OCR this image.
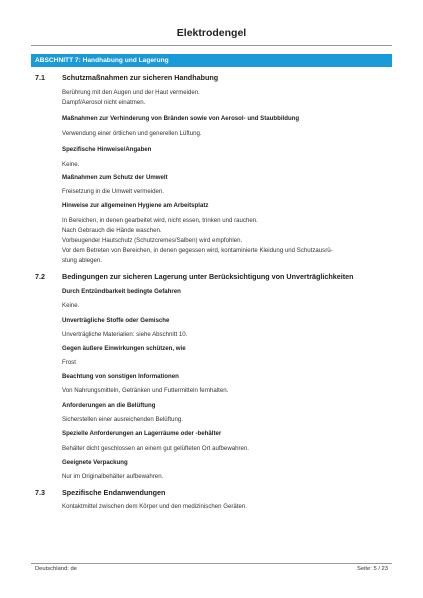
Elektrodengel
ABSCHNITT 7: Handhabung und Lagerung
7.1 Schutzmaßnahmen zur sicheren Handhabung
Berührung mit den Augen und der Haut vermeiden.
Dampf/Aerosol nicht einatmen.
Maßnahmen zur Verhinderung von Bränden sowie von Aerosol- und Staubbildung
Verwendung einer örtlichen und generellen Lüftung.
Spezifische Hinweise/Angaben
Keine.
Maßnahmen zum Schutz der Umwelt
Freisetzung in die Umwelt vermeiden.
Hinweise zur allgemeinen Hygiene am Arbeitsplatz
In Bereichen, in denen gearbeitet wird, nicht essen, trinken und rauchen.
Nach Gebrauch die Hände waschen.
Vorbeugender Hautschutz (Schutzcremes/Salben) wird empfohlen.
Vor dem Betreten von Bereichen, in denen gegessen wird, kontaminierte Kleidung und Schutzausrü-
stung ablegen.
7.2 Bedingungen zur sicheren Lagerung unter Berücksichtigung von Unverträglichkeiten
Durch Entzündbarkeit bedingte Gefahren
Keine.
Unverträgliche Stoffe oder Gemische
Unverträgliche Materialien: siehe Abschnitt 10.
Gegen äußere Einwirkungen schützen, wie
Frost
Beachtung von sonstigen Informationen
Von Nahrungsmitteln, Getränken und Futtermitteln fernhalten.
Anforderungen an die Belüftung
Sicherstellen einer ausreichenden Belüftung.
Spezielle Anforderungen an Lagerräume oder -behälter
Behälter dicht geschlossen an einem gut gelüfteten Ort aufbewahren.
Geeignete Verpackung
Nur im Originalbehälter aufbewahren.
7.3 Spezifische Endanwendungen
Kontaktmittel zwischen dem Körper und den medizinischen Geräten.
Deutschland: de	Seite: 5 / 23
